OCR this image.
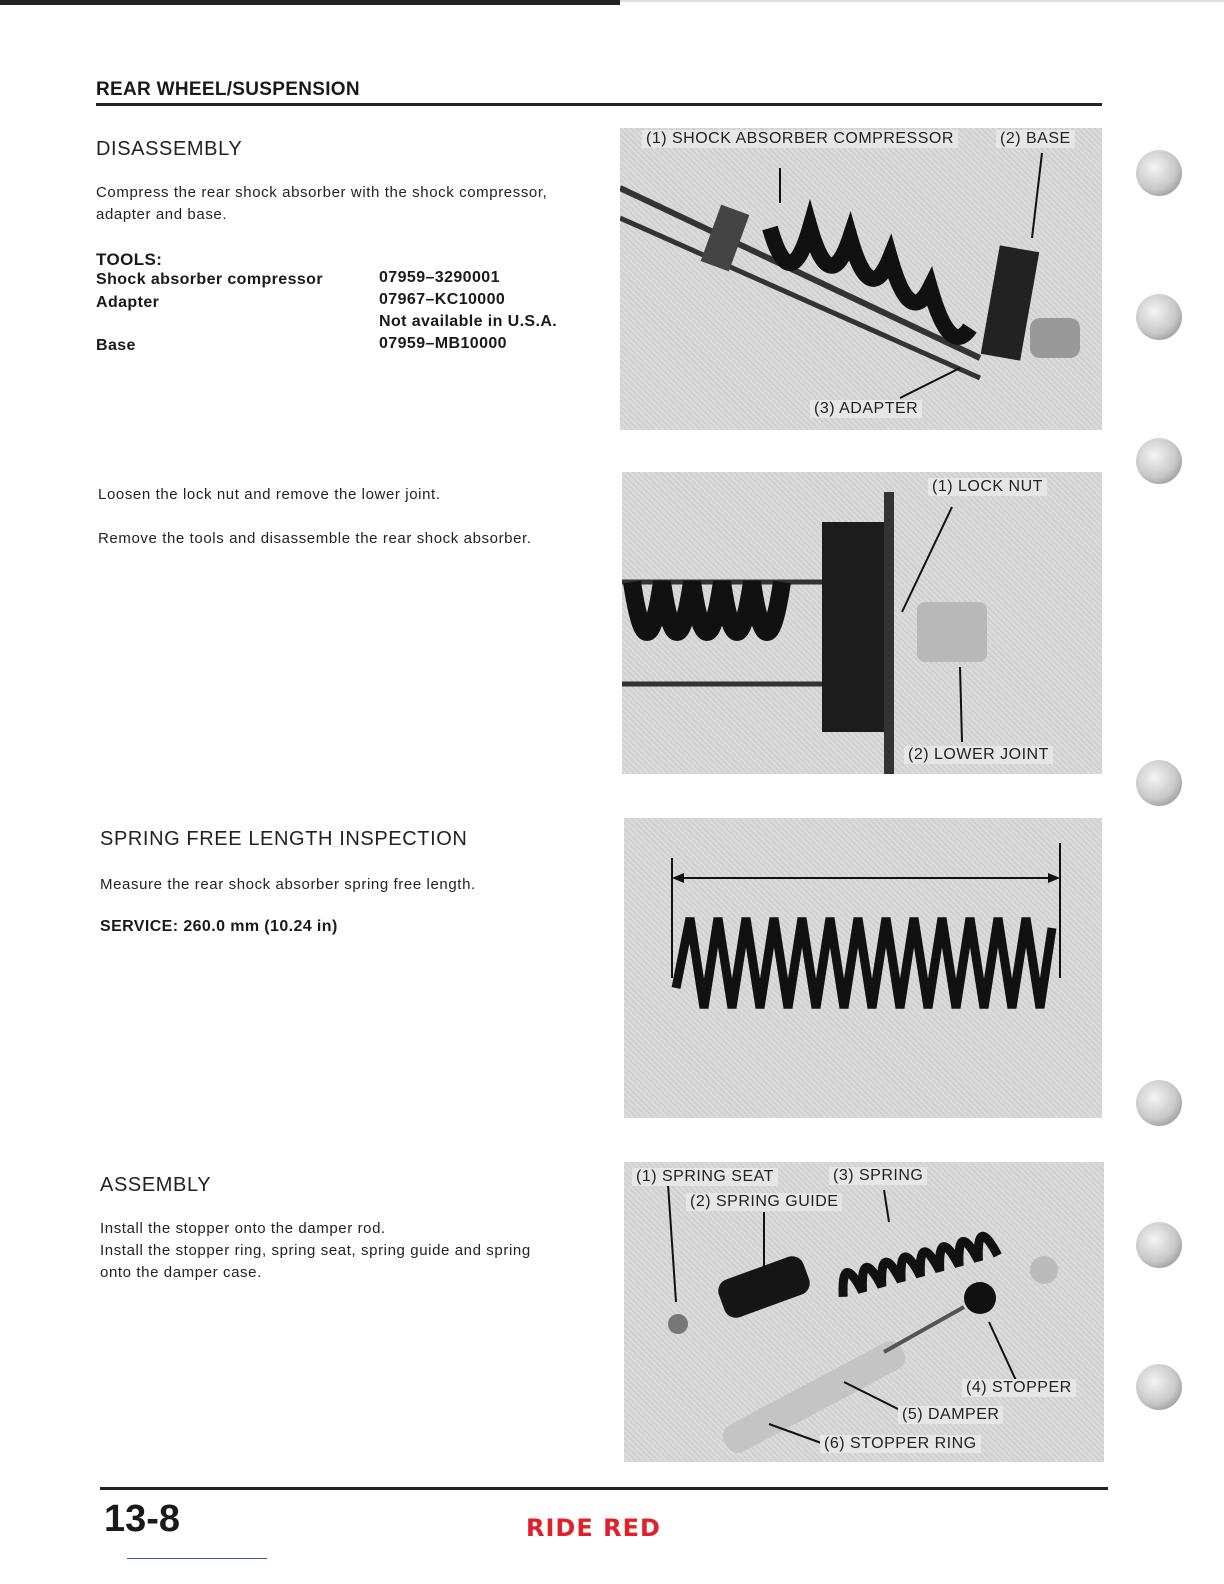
REAR WHEEL/SUSPENSION
DISASSEMBLY
Compress the rear shock absorber with the shock compressor,
adapter and base.
TOOLS:
Shock absorber compressor	07959–3290001
Adapter	07967–KC10000
Not available in U.S.A.
Base	07959–MB10000
(1) SHOCK ABSORBER COMPRESSOR	(2) BASE
(3) ADAPTER
Loosen the lock nut and remove the lower joint.
Remove the tools and disassemble the rear shock absorber.
(1) LOCK NUT
(2) LOWER JOINT
SPRING FREE LENGTH INSPECTION
Measure the rear shock absorber spring free length.
SERVICE: 260.0 mm (10.24 in)
ASSEMBLY
Install the stopper onto the damper rod.
Install the stopper ring, spring seat, spring guide and spring
onto the damper case.
(1) SPRING SEAT
(2) SPRING GUIDE
(3) SPRING
(4) STOPPER
(5) DAMPER
(6) STOPPER RING
13-8	RIDE RED
